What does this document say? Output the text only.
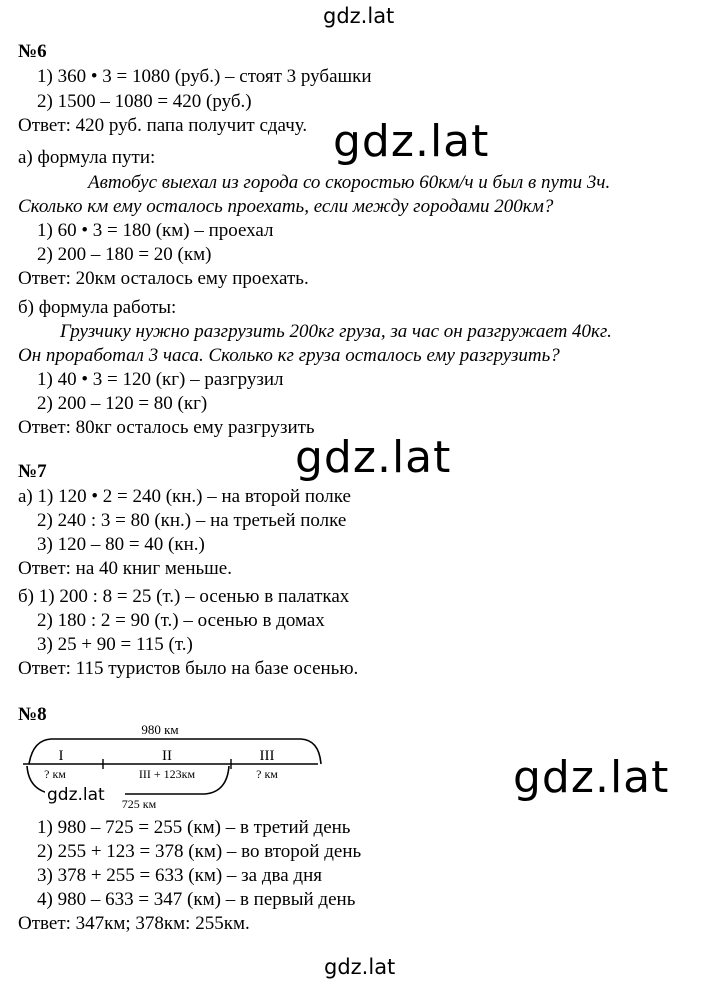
gdz.lat
gdz.lat
gdz.lat
gdz.lat
gdz.lat
№6
1) 360 • 3 = 1080 (руб.) – стоят 3 рубашки
2) 1500 – 1080 = 420 (руб.)
Ответ: 420 руб. папа получит сдачу.
а) формула пути:
Автобус выехал из города со скоростью 60км/ч и был в пути 3ч.
Сколько км ему осталось проехать, если между городами 200км?
1) 60 • 3 = 180 (км) – проехал
2) 200 – 180 = 20 (км)
Ответ: 20км осталось ему проехать.
б) формула работы:
Грузчику нужно разгрузить 200кг груза, за час он разгружает 40кг.
Он проработал 3 часа. Сколько кг груза осталось ему разгрузить?
1) 40 • 3 = 120 (кг) – разгрузил
2) 200 – 120 = 80 (кг)
Ответ: 80кг осталось ему разгрузить
№7
а) 1) 120 • 2 = 240 (кн.) – на второй полке
2) 240 : 3 = 80 (кн.) – на третьей полке
3) 120 – 80 = 40 (кн.)
Ответ: на 40 книг меньше.
б) 1) 200 : 8 = 25 (т.) – осенью в палатках
2) 180 : 2 = 90 (т.) – осенью в домах
3) 25 + 90 = 115 (т.)
Ответ: 115 туристов было на базе осенью.
№8
980 км
I	II	III
? км	III + 123км	? км
gdz.lat 725 км
1) 980 – 725 = 255 (км) – в третий день
2) 255 + 123 = 378 (км) – во второй день
3) 378 + 255 = 633 (км) – за два дня
4) 980 – 633 = 347 (км) – в первый день
Ответ: 347км; 378км: 255км.
